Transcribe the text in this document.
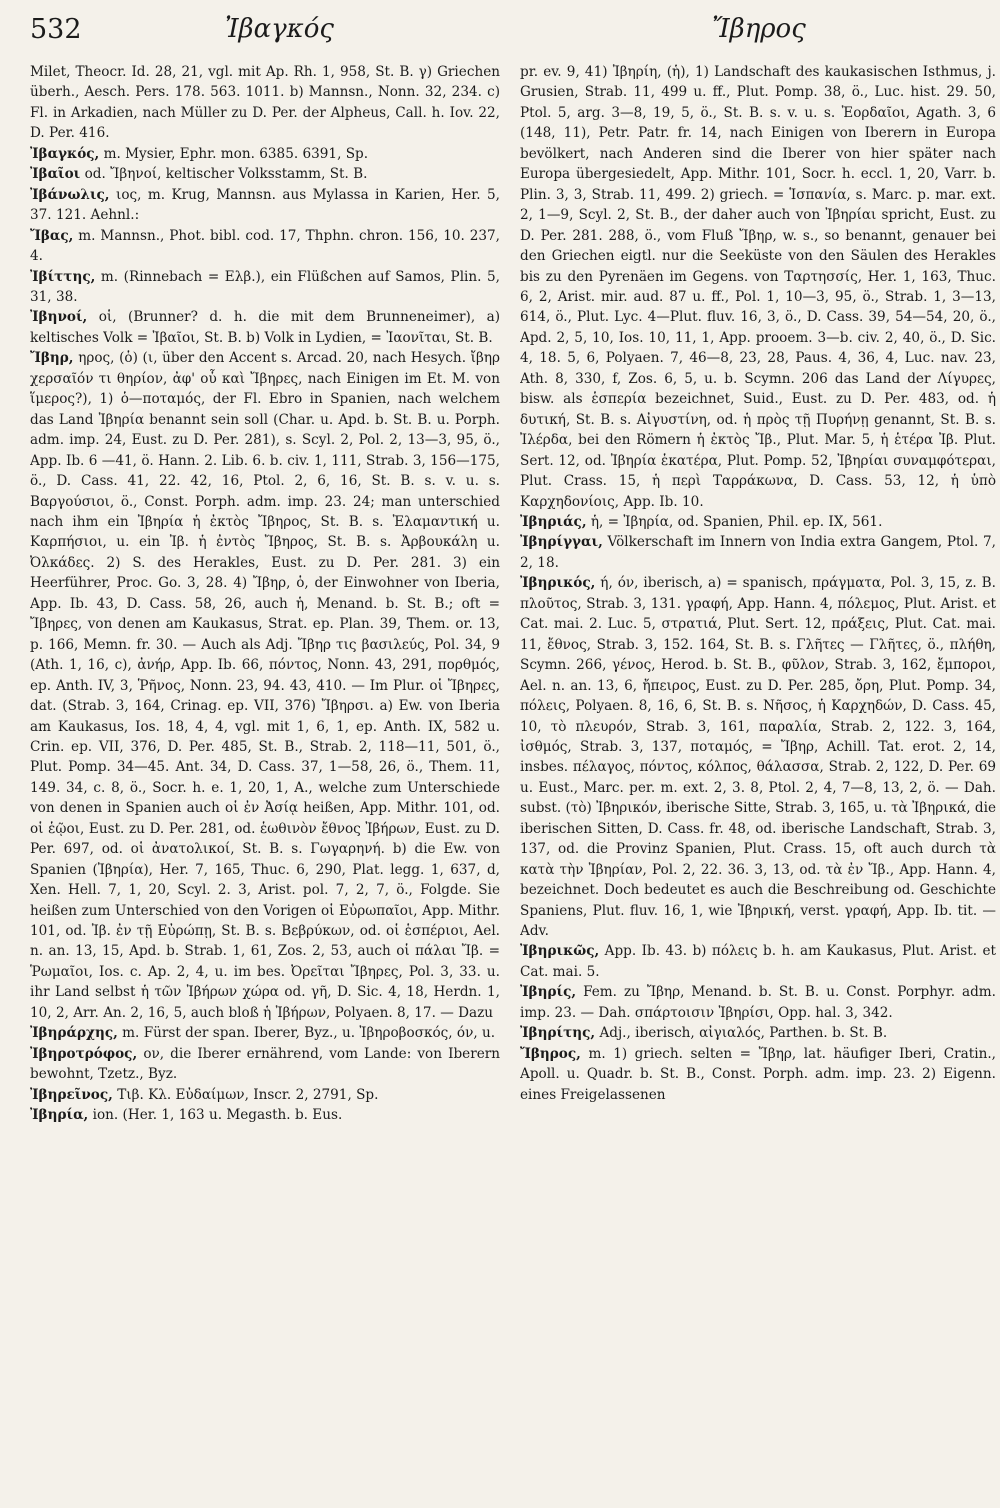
532	Ἰβαγκός	Ἴβηρος

Milet, Theocr. Id. 28, 21, vgl. mit Ap. Rh. 1, 958, St. B. γ) Griechen überh., Aesch. Pers. 178. 563. 1011. b) Mannsn., Nonn. 32, 234. c) Fl. in Arkadien, nach Müller zu D. Per. der Alpheus, Call. h. Iov. 22, D. Per. 416.

Ἰβαγκός, m. Mysier, Ephr. mon. 6385. 6391, Sp.

Ἰβαῖοι od. Ἴβηνοί, keltischer Volksstamm, St. B.

Ἰβάνωλις, ιος, m. Krug, Mannsn. aus Mylassa in Karien, Her. 5, 37. 121. Aehnl.:

Ἴβας, m. Mannsn., Phot. bibl. cod. 17, Thphn. chron. 156, 10. 237, 4.

Ἰβίττης, m. (Rinnebach = Ελβ.), ein Flüßchen auf Samos, Plin. 5, 31, 38.

Ἰβηνοί, οἱ, (Brunner? d. h. die mit dem Brunneneimer), a) keltisches Volk = Ἰβαῖοι, St. B. b) Volk in Lydien, = Ἰαονῖται, St. B.

Ἴβηρ, ηρος, (ὁ) (ι, über den Accent s. Arcad. 20, nach Hesych. ἴβηρ χερσαῖόν τι θηρίον, ἀφ' οὗ καὶ Ἴβηρες, nach Einigen im Et. M. von ἵμερος?), 1) ὁ—ποταμός, der Fl. Ebro in Spanien, nach welchem das Land Ἰβηρία benannt sein soll (Char. u. Apd. b. St. B. u. Porph. adm. imp. 24, Eust. zu D. Per. 281), s. Scyl. 2, Pol. 2, 13—3, 95, ö., App. Ib. 6 —41, ö. Hann. 2. Lib. 6. b. civ. 1, 111, Strab. 3, 156—175, ö., D. Cass. 41, 22. 42, 16, Ptol. 2, 6, 16, St. B. s. v. u. s. Βαργούσιοι, ö., Const. Porph. adm. imp. 23. 24; man unterschied nach ihm ein Ἰβηρία ἡ ἐκτὸς Ἴβηρος, St. B. s. Ἐλαμαντική u. Καρπήσιοι, u. ein Ἰβ. ἡ ἐντὸς Ἴβηρος, St. B. s. Ἀρβουκάλη u. Ὀλκάδες. 2) S. des Herakles, Eust. zu D. Per. 281. 3) ein Heerführer, Proc. Go. 3, 28. 4) Ἴβηρ, ὁ, der Einwohner von Iberia, App. Ib. 43, D. Cass. 58, 26, auch ἡ, Menand. b. St. B.; oft = Ἴβηρες, von denen am Kaukasus, Strat. ep. Plan. 39, Them. or. 13, p. 166, Memn. fr. 30. — Auch als Adj. Ἴβηρ τις βασιλεύς, Pol. 34, 9 (Ath. 1, 16, c), ἀνήρ, App. Ib. 66, πόντος, Nonn. 43, 291, πορθμός, ep. Anth. IV, 3, Ῥῆνος, Nonn. 23, 94. 43, 410. — Im Plur. οἱ Ἴβηρες, dat. (Strab. 3, 164, Crinag. ep. VII, 376) Ἴβηρσι. a) Ew. von Iberia am Kaukasus, Ios. 18, 4, 4, vgl. mit 1, 6, 1, ep. Anth. IX, 582 u. Crin. ep. VII, 376, D. Per. 485, St. B., Strab. 2, 118—11, 501, ö., Plut. Pomp. 34—45. Ant. 34, D. Cass. 37, 1—58, 26, ö., Them. 11, 149. 34, c. 8, ö., Socr. h. e. 1, 20, 1, A., welche zum Unterschiede von denen in Spanien auch οἱ ἐν Ἀσίᾳ heißen, App. Mithr. 101, od. οἱ ἑῷοι, Eust. zu D. Per. 281, od. ἑωθινὸν ἔθνος Ἰβήρων, Eust. zu D. Per. 697, od. οἱ ἀνατολικοί, St. B. s. Γωγαρηνή. b) die Ew. von Spanien (Ἰβηρία), Her. 7, 165, Thuc. 6, 290, Plat. legg. 1, 637, d, Xen. Hell. 7, 1, 20, Scyl. 2. 3, Arist. pol. 7, 2, 7, ö., Folgde. Sie heißen zum Unterschied von den Vorigen οἱ Εὐρωπαῖοι, App. Mithr. 101, od. Ἰβ. ἐν τῇ Εὐρώπῃ, St. B. s. Βεβρύκων, od. οἱ ἑσπέριοι, Ael. n. an. 13, 15, Apd. b. Strab. 1, 61, Zos. 2, 53, auch οἱ πάλαι Ἴβ. = Ῥωμαῖοι, Ios. c. Ap. 2, 4, u. im bes. Ὀρεῖται Ἴβηρες, Pol. 3, 33. u. ihr Land selbst ἡ τῶν Ἰβήρων χώρα od. γῆ, D. Sic. 4, 18, Herdn. 1, 10, 2, Arr. An. 2, 16, 5, auch bloß ἡ Ἰβήρων, Polyaen. 8, 17. — Dazu

Ἰβηράρχης, m. Fürst der span. Iberer, Byz., u. Ἰβηροβοσκός, όν, u.

Ἰβηροτρόφος, ον, die Iberer ernährend, vom Lande: von Iberern bewohnt, Tzetz., Byz.

Ἰβηρεῖνος, Τιβ. Κλ. Εὐδαίμων, Inscr. 2, 2791, Sp.

Ἰβηρία, ion. (Her. 1, 163 u. Megasth. b. Eus.

pr. ev. 9, 41) Ἰβηρίη, (ἡ), 1) Landschaft des kaukasischen Isthmus, j. Grusien, Strab. 11, 499 u. ff., Plut. Pomp. 38, ö., Luc. hist. 29. 50, Ptol. 5, arg. 3—8, 19, 5, ö., St. B. s. v. u. s. Ἐορδαῖοι, Agath. 3, 6 (148, 11), Petr. Patr. fr. 14, nach Einigen von Iberern in Europa bevölkert, nach Anderen sind die Iberer von hier später nach Europa übergesiedelt, App. Mithr. 101, Socr. h. eccl. 1, 20, Varr. b. Plin. 3, 3, Strab. 11, 499. 2) griech. = Ἱσπανία, s. Marc. p. mar. ext. 2, 1—9, Scyl. 2, St. B., der daher auch von Ἰβηρίαι spricht, Eust. zu D. Per. 281. 288, ö., vom Fluß Ἴβηρ, w. s., so benannt, genauer bei den Griechen eigtl. nur die Seeküste von den Säulen des Herakles bis zu den Pyrenäen im Gegens. von Ταρτησσίς, Her. 1, 163, Thuc. 6, 2, Arist. mir. aud. 87 u. ff., Pol. 1, 10—3, 95, ö., Strab. 1, 3—13, 614, ö., Plut. Lyc. 4—Plut. fluv. 16, 3, ö., D. Cass. 39, 54—54, 20, ö., Apd. 2, 5, 10, Ios. 10, 11, 1, App. prooem. 3—b. civ. 2, 40, ö., D. Sic. 4, 18. 5, 6, Polyaen. 7, 46—8, 23, 28, Paus. 4, 36, 4, Luc. nav. 23, Ath. 8, 330, f, Zos. 6, 5, u. b. Scymn. 206 das Land der Λίγυρες, bisw. als ἑσπερία bezeichnet, Suid., Eust. zu D. Per. 483, od. ἡ δυτική, St. B. s. Αἰγυστίνη, od. ἡ πρὸς τῇ Πυρήνῃ genannt, St. B. s. Ἰλέρδα, bei den Römern ἡ ἐκτὸς Ἴβ., Plut. Mar. 5, ἡ ἑτέρα Ἰβ. Plut. Sert. 12, od. Ἰβηρία ἑκατέρα, Plut. Pomp. 52, Ἰβηρίαι συναμφότεραι, Plut. Crass. 15, ἡ περὶ Ταρράκωνα, D. Cass. 53, 12, ἡ ὑπὸ Καρχηδονίοις, App. Ib. 10.

Ἰβηριάς, ἡ, = Ἰβηρία, od. Spanien, Phil. ep. IX, 561.

Ἰβηρίγγαι, Völkerschaft im Innern von India extra Gangem, Ptol. 7, 2, 18.

Ἰβηρικός, ή, όν, iberisch, a) = spanisch, πράγματα, Pol. 3, 15, z. B. πλοῦτος, Strab. 3, 131. γραφή, App. Hann. 4, πόλεμος, Plut. Arist. et Cat. mai. 2. Luc. 5, στρατιά, Plut. Sert. 12, πράξεις, Plut. Cat. mai. 11, ἔθνος, Strab. 3, 152. 164, St. B. s. Γλῆτες — Γλῆτες, ö., πλήθη, Scymn. 266, γένος, Herod. b. St. B., φῦλον, Strab. 3, 162, ἔμποροι, Ael. n. an. 13, 6, ἤπειρος, Eust. zu D. Per. 285, ὄρη, Plut. Pomp. 34, πόλεις, Polyaen. 8, 16, 6, St. B. s. Νῆσος, ἡ Καρχηδών, D. Cass. 45, 10, τὸ πλευρόν, Strab. 3, 161, παραλία, Strab. 2, 122. 3, 164, ἰσθμός, Strab. 3, 137, ποταμός, = Ἴβηρ, Achill. Tat. erot. 2, 14, insbes. πέλαγος, πόντος, κόλπος, θάλασσα, Strab. 2, 122, D. Per. 69 u. Eust., Marc. per. m. ext. 2, 3. 8, Ptol. 2, 4, 7—8, 13, 2, ö. — Dah. subst. (τὸ) Ἰβηρικόν, iberische Sitte, Strab. 3, 165, u. τὰ Ἰβηρικά, die iberischen Sitten, D. Cass. fr. 48, od. iberische Landschaft, Strab. 3, 137, od. die Provinz Spanien, Plut. Crass. 15, oft auch durch τὰ κατὰ τὴν Ἰβηρίαν, Pol. 2, 22. 36. 3, 13, od. τὰ ἐν Ἴβ., App. Hann. 4, bezeichnet. Doch bedeutet es auch die Beschreibung od. Geschichte Spaniens, Plut. fluv. 16, 1, wie Ἰβηρική, verst. γραφή, App. Ib. tit. — Adv.

Ἰβηρικῶς, App. Ib. 43. b) πόλεις b. h. am Kaukasus, Plut. Arist. et Cat. mai. 5.

Ἰβηρίς, Fem. zu Ἴβηρ, Menand. b. St. B. u. Const. Porphyr. adm. imp. 23. — Dah. σπάρτοισιν Ἰβηρίσι, Opp. hal. 3, 342.

Ἰβηρίτης, Adj., iberisch, αἰγιαλός, Parthen. b. St. B.

Ἴβηρος, m. 1) griech. selten = Ἴβηρ, lat. häufiger Iberi, Cratin., Apoll. u. Quadr. b. St. B., Const. Porph. adm. imp. 23. 2) Eigenn. eines Freigelassenen
